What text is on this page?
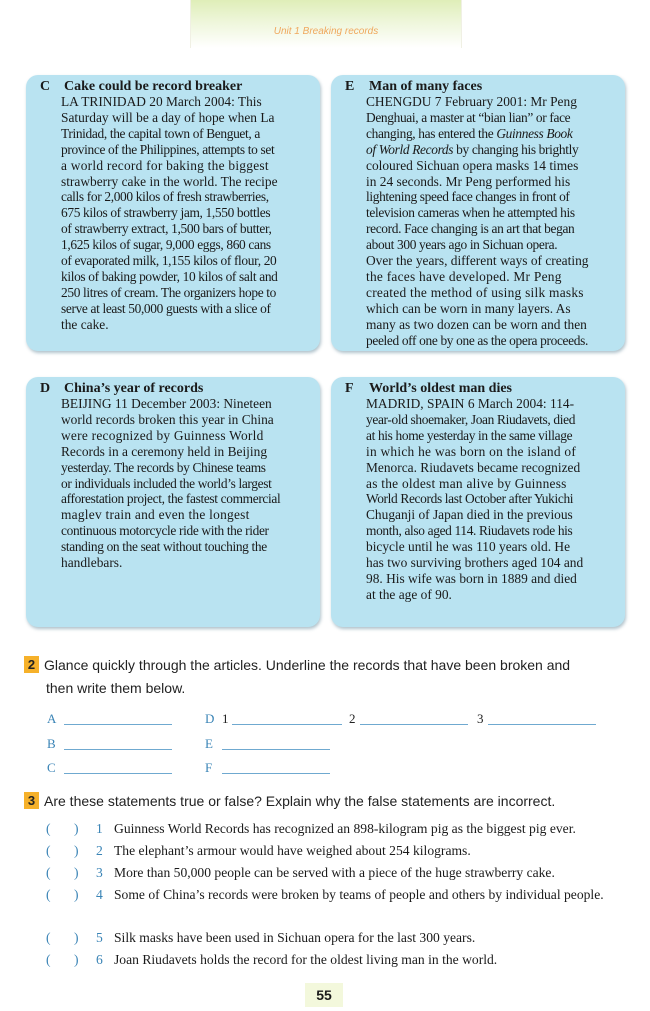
Unit 1 Breaking records
C Cake could be record breaker
LA TRINIDAD 20 March 2004: This
Saturday will be a day of hope when La
Trinidad, the capital town of Benguet, a
province of the Philippines, attempts to set
a world record for baking the biggest
strawberry cake in the world. The recipe
calls for 2,000 kilos of fresh strawberries,
675 kilos of strawberry jam, 1,550 bottles
of strawberry extract, 1,500 bars of butter,
1,625 kilos of sugar, 9,000 eggs, 860 cans
of evaporated milk, 1,155 kilos of flour, 20
kilos of baking powder, 10 kilos of salt and
250 litres of cream. The organizers hope to
serve at least 50,000 guests with a slice of
the cake.
E Man of many faces
CHENGDU 7 February 2001: Mr Peng
Denghuai, a master at “bian lian” or face
changing, has entered the Guinness Book
of World Records by changing his brightly
coloured Sichuan opera masks 14 times
in 24 seconds. Mr Peng performed his
lightening speed face changes in front of
television cameras when he attempted his
record. Face changing is an art that began
about 300 years ago in Sichuan opera.
Over the years, different ways of creating
the faces have developed. Mr Peng
created the method of using silk masks
which can be worn in many layers. As
many as two dozen can be worn and then
peeled off one by one as the opera proceeds.
D China’s year of records
BEIJING 11 December 2003: Nineteen
world records broken this year in China
were recognized by Guinness World
Records in a ceremony held in Beijing
yesterday. The records by Chinese teams
or individuals included the world’s largest
afforestation project, the fastest commercial
maglev train and even the longest
continuous motorcycle ride with the rider
standing on the seat without touching the
handlebars.
F World’s oldest man dies
MADRID, SPAIN 6 March 2004: 114-
year-old shoemaker, Joan Riudavets, died
at his home yesterday in the same village
in which he was born on the island of
Menorca. Riudavets became recognized
as the oldest man alive by Guinness
World Records last October after Yukichi
Chuganji of Japan died in the previous
month, also aged 114. Riudavets rode his
bicycle until he was 110 years old. He
has two surviving brothers aged 104 and
98. His wife was born in 1889 and died
at the age of 90.
2 Glance quickly through the articles. Underline the records that have been broken and
then write them below.
A
B
C
D 1	2	3
E
F
3 Are these statements true or false? Explain why the false statements are incorrect.
( ) 1 Guinness World Records has recognized an 898-kilogram pig as the biggest pig ever.
( ) 2 The elephant’s armour would have weighed about 254 kilograms.
( ) 3 More than 50,000 people can be served with a piece of the huge strawberry cake.
( ) 4 Some of China’s records were broken by teams of people and others by individual people.
( ) 5 Silk masks have been used in Sichuan opera for the last 300 years.
( ) 6 Joan Riudavets holds the record for the oldest living man in the world.
55
